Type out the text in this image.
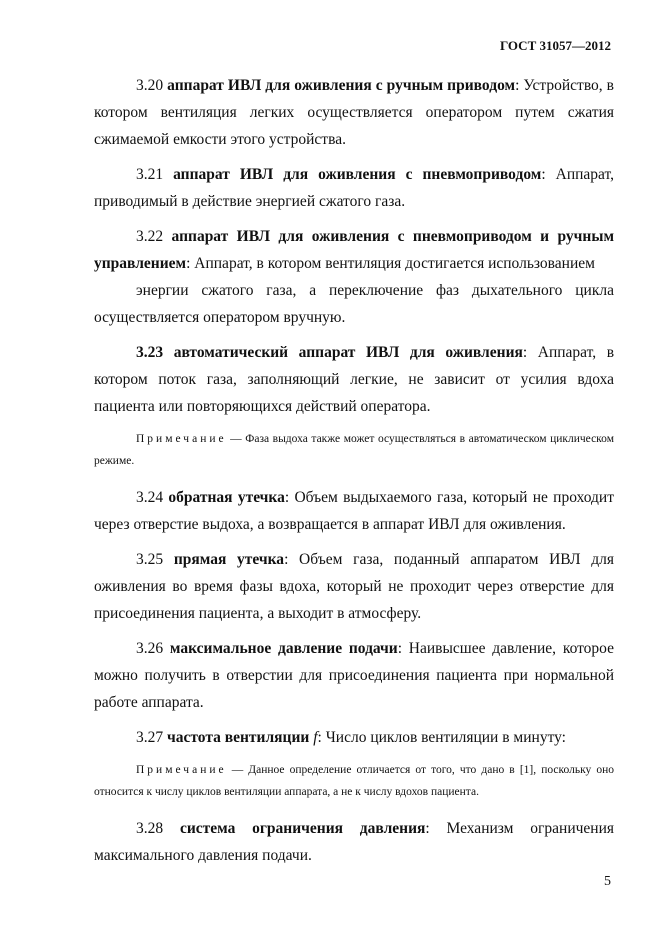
ГОСТ 31057—2012

3.20 аппарат ИВЛ для оживления с ручным приводом: Устройство, в котором вентиляция легких осуществляется оператором путем сжатия сжимаемой емкости этого устройства.

3.21 аппарат ИВЛ для оживления с пневмоприводом: Аппарат, приводимый в действие энергией сжатого газа.

3.22 аппарат ИВЛ для оживления с пневмоприводом и ручным управлением: Аппарат, в котором вентиляция достигается использованием

энергии сжатого газа, а переключение фаз дыхательного цикла осуществляется оператором вручную.

3.23 автоматический аппарат ИВЛ для оживления: Аппарат, в котором поток газа, заполняющий легкие, не зависит от усилия вдоха пациента или повторяющихся действий оператора.

Примечание — Фаза выдоха также может осуществляться в автоматическом циклическом режиме.

3.24 обратная утечка: Объем выдыхаемого газа, который не проходит через отверстие выдоха, а возвращается в аппарат ИВЛ для оживления.

3.25 прямая утечка: Объем газа, поданный аппаратом ИВЛ для оживления во время фазы вдоха, который не проходит через отверстие для присоединения пациента, а выходит в атмосферу.

3.26 максимальное давление подачи: Наивысшее давление, которое можно получить в отверстии для присоединения пациента при нормальной работе аппарата.

3.27 частота вентиляции f: Число циклов вентиляции в минуту:

Примечание — Данное определение отличается от того, что дано в [1], поскольку оно относится к числу циклов вентиляции аппарата, а не к числу вдохов пациента.

3.28 система ограничения давления: Механизм ограничения максимального давления подачи.

5
